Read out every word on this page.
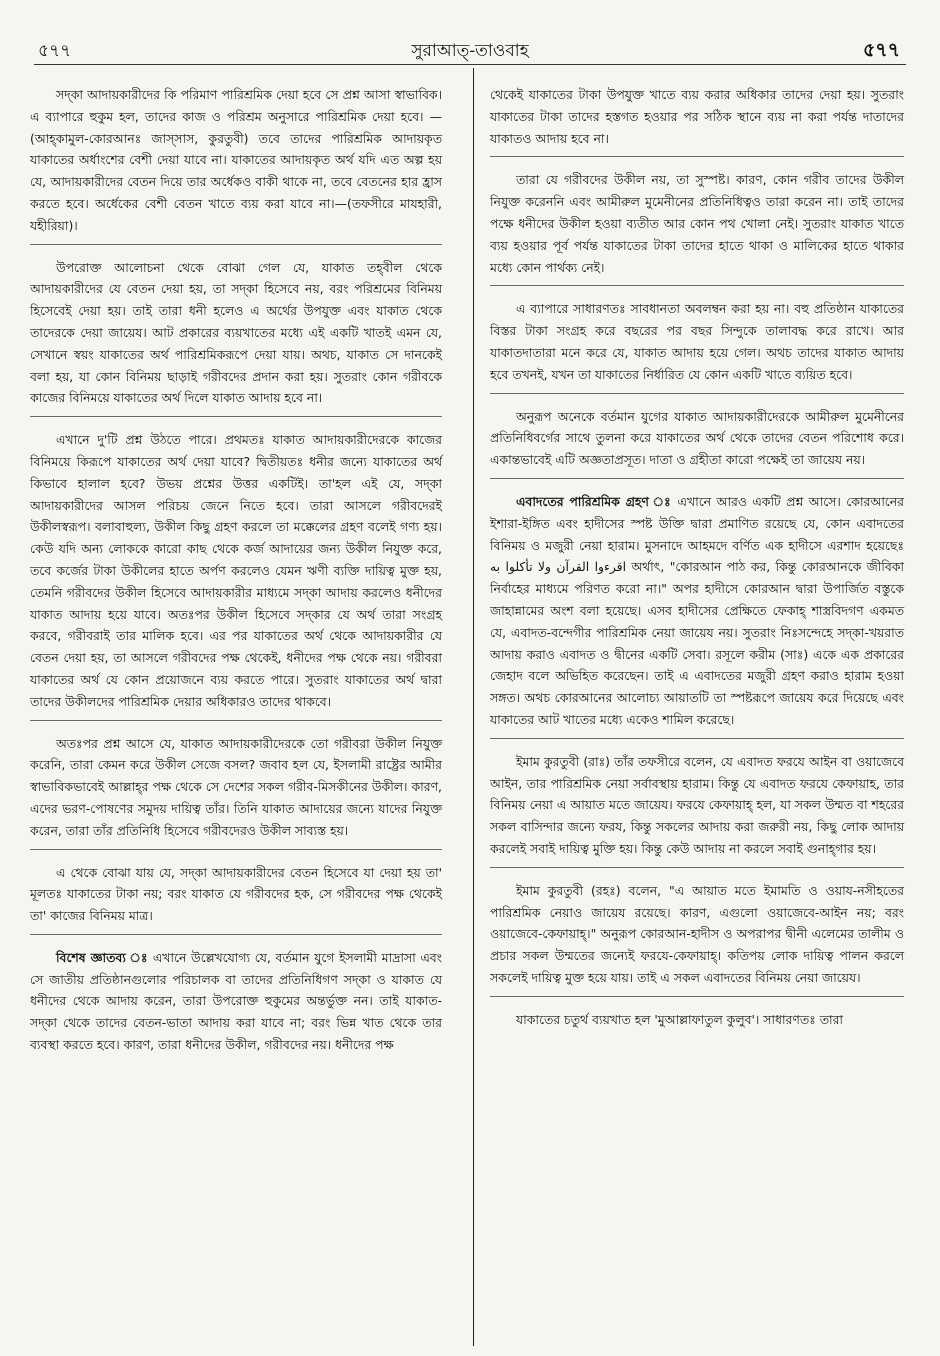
৫৭৭	সুরাআত্‌-তাওবাহ	৫৭৭

সদ্‌কা আদায়কারীদের কি পরিমাণ পারিশ্রমিক দেয়া হবে সে প্রশ্ন আসা স্বাভাবিক। এ ব্যাপারে হুকুম হল, তাদের কাজ ও পরিশ্রম অনুসারে পারিশ্রমিক দেয়া হবে। —(আহ্‌কামুল-কোরআনঃ জাস্‌সাস, কুরতুবী) তবে তাদের পারিশ্রমিক আদায়কৃত যাকাতের অর্ধাংশের বেশী দেয়া যাবে না। যাকাতের আদায়কৃত অর্থ যদি এত অল্প হয় যে, আদায়কারীদের বেতন দিয়ে তার অর্ধেকও বাকী থাকে না, তবে বেতনের হার হ্রাস করতে হবে। অর্ধেকের বেশী বেতন খাতে ব্যয় করা যাবে না।—(তফসীরে মাযহারী, যহীরিয়া)।

উপরোক্ত আলোচনা থেকে বোঝা গেল যে, যাকাত তহ্‌বীল থেকে আদায়কারীদের যে বেতন দেয়া হয়, তা সদ্‌কা হিসেবে নয়, বরং পরিশ্রমের বিনিময় হিসেবেই দেয়া হয়। তাই তারা ধনী হলেও এ অর্থের উপযুক্ত এবং যাকাত থেকে তাদেরকে দেয়া জায়েয। আট প্রকারের ব্যয়খাতের মধ্যে এই একটি খাতই এমন যে, সেখানে স্বয়ং যাকাতের অর্থ পারিশ্রমিকরূপে দেয়া যায়। অথচ, যাকাত সে দানকেই বলা হয়, যা কোন বিনিময় ছাড়াই গরীবদের প্রদান করা হয়। সুতরাং কোন গরীবকে কাজের বিনিময়ে যাকাতের অর্থ দিলে যাকাত আদায় হবে না।

এখানে দু'টি প্রশ্ন উঠতে পারে। প্রথমতঃ যাকাত আদায়কারীদেরকে কাজের বিনিময়ে কিরূপে যাকাতের অর্থ দেয়া যাবে? দ্বিতীয়তঃ ধনীর জন্যে যাকাতের অর্থ কিভাবে হালাল হবে? উভয় প্রশ্নের উত্তর একটিই। তা'হল এই যে, সদ্‌কা আদায়কারীদের আসল পরিচয় জেনে নিতে হবে। তারা আসলে গরীবদেরই উকীলস্বরূপ। বলাবাহুল্য, উকীল কিছু গ্রহণ করলে তা মক্কেলের গ্রহণ বলেই গণ্য হয়। কেউ যদি অন্য লোককে কারো কাছ থেকে কর্জ আদায়ের জন্য উকীল নিযুক্ত করে, তবে কর্জের টাকা উকীলের হাতে অর্পণ করলেও যেমন ঋণী ব্যক্তি দায়িত্ব মুক্ত হয়, তেমনি গরীবদের উকীল হিসেবে আদায়কারীর মাধ্যমে সদ্‌কা আদায় করলেও ধনীদের যাকাত আদায় হয়ে যাবে। অতঃপর উকীল হিসেবে সদ্‌কার যে অর্থ তারা সংগ্রহ করবে, গরীবরাই তার মালিক হবে। এর পর যাকাতের অর্থ থেকে আদায়কারীর যে বেতন দেয়া হয়, তা আসলে গরীবদের পক্ষ থেকেই, ধনীদের পক্ষ থেকে নয়। গরীবরা যাকাতের অর্থ যে কোন প্রয়োজনে ব্যয় করতে পারে। সুতরাং যাকাতের অর্থ দ্বারা তাদের উকীলদের পারিশ্রমিক দেয়ার অধিকারও তাদের থাকবে।

অতঃপর প্রশ্ন আসে যে, যাকাত আদায়কারীদেরকে তো গরীবরা উকীল নিযুক্ত করেনি, তারা কেমন করে উকীল সেজে বসল? জবাব হল যে, ইসলামী রাষ্ট্রের আমীর স্বাভাবিকভাবেই আল্লাহ্‌র পক্ষ থেকে সে দেশের সকল গরীব-মিসকীনের উকীল। কারণ, এদের ভরণ-পোষণের সমুদয় দায়িত্ব তাঁর। তিনি যাকাত আদায়ের জন্যে যাদের নিযুক্ত করেন, তারা তাঁর প্রতিনিধি হিসেবে গরীবদেরও উকীল সাব্যস্ত হয়।

এ থেকে বোঝা যায় যে, সদ্‌কা আদায়কারীদের বেতন হিসেবে যা দেয়া হয় তা' মূলতঃ যাকাতের টাকা নয়; বরং যাকাত যে গরীবদের হক, সে গরীবদের পক্ষ থেকেই তা' কাজের বিনিময় মাত্র।

বিশেষ জ্ঞাতব্য ঃ এখানে উল্লেখযোগ্য যে, বর্তমান যুগে ইসলামী মাদ্রাসা এবং সে জাতীয় প্রতিষ্ঠানগুলোর পরিচালক বা তাদের প্রতিনিধিগণ সদ্‌কা ও যাকাত যে ধনীদের থেকে আদায় করেন, তারা উপরোক্ত হুকুমের অন্তর্ভুক্ত নন। তাই যাকাত-সদ্‌কা থেকে তাদের বেতন-ভাতা আদায় করা যাবে না; বরং ভিন্ন খাত থেকে তার ব্যবস্থা করতে হবে। কারণ, তারা ধনীদের উকীল, গরীবদের নয়। ধনীদের পক্ষ

থেকেই যাকাতের টাকা উপযুক্ত খাতে ব্যয় করার অধিকার তাদের দেয়া হয়। সুতরাং যাকাতের টাকা তাদের হস্তগত হওয়ার পর সঠিক স্থানে ব্যয় না করা পর্যন্ত দাতাদের যাকাতও আদায় হবে না।

তারা যে গরীবদের উকীল নয়, তা সুস্পষ্ট। কারণ, কোন গরীব তাদের উকীল নিযুক্ত করেননি এবং আমীরুল মুমেনীনের প্রতিনিধিত্বও তারা করেন না। তাই তাদের পক্ষে ধনীদের উকীল হওয়া ব্যতীত আর কোন পথ খোলা নেই। সুতরাং যাকাত খাতে ব্যয় হওয়ার পূর্ব পর্যন্ত যাকাতের টাকা তাদের হাতে থাকা ও মালিকের হাতে থাকার মধ্যে কোন পার্থক্য নেই।

এ ব্যাপারে সাধারণতঃ সাবধানতা অবলম্বন করা হয় না। বহু প্রতিষ্ঠান যাকাতের বিস্তর টাকা সংগ্রহ করে বছরের পর বছর সিন্দুকে তালাবদ্ধ করে রাখে। আর যাকাতদাতারা মনে করে যে, যাকাত আদায় হয়ে গেল। অথচ তাদের যাকাত আদায় হবে তখনই, যখন তা যাকাতের নির্ধারিত যে কোন একটি খাতে ব্যয়িত হবে।

অনুরূপ অনেকে বর্তমান যুগের যাকাত আদায়কারীদেরকে আমীরুল মুমেনীনের প্রতিনিধিবর্গের সাথে তুলনা করে যাকাতের অর্থ থেকে তাদের বেতন পরিশোধ করে। একান্তভাবেই এটি অজ্ঞতাপ্রসূত। দাতা ও গ্রহীতা কারো পক্ষেই তা জায়েয নয়।

এবাদতের পারিশ্রমিক গ্রহণ ঃ এখানে আরও একটি প্রশ্ন আসে। কোরআনের ইশারা-ইঙ্গিত এবং হাদীসের স্পষ্ট উক্তি দ্বারা প্রমাণিত রয়েছে যে, কোন এবাদতের বিনিময় ও মজুরী নেয়া হারাম। মুসনাদে আহমদে বর্ণিত এক হাদীসে এরশাদ হয়েছেঃ اقرءوا القرآن ولا تأكلوا به অর্থাৎ, "কোরআন পাঠ কর, কিন্তু কোরআনকে জীবিকা নির্বাহের মাধ্যমে পরিণত করো না।" অপর হাদীসে কোরআন দ্বারা উপার্জিত বস্তুকে জাহান্নামের অংশ বলা হয়েছে। এসব হাদীসের প্রেক্ষিতে ফেকাহ্‌ শাস্ত্রবিদগণ একমত যে, এবাদত-বন্দেগীর পারিশ্রমিক নেয়া জায়েয নয়। সুতরাং নিঃসন্দেহে সদ্‌কা-খয়রাত আদায় করাও এবাদত ও দ্বীনের একটি সেবা। রসূলে করীম (সাঃ) একে এক প্রকারের জেহাদ বলে অভিহিত করেছেন। তাই এ এবাদতের মজুরী গ্রহণ করাও হারাম হওয়া সঙ্গত। অথচ কোরআনের আলোচ্য আয়াতটি তা স্পষ্টরূপে জায়েয করে দিয়েছে এবং যাকাতের আট খাতের মধ্যে একেও শামিল করেছে।

ইমাম কুরতুবী (রাঃ) তাঁর তফসীরে বলেন, যে এবাদত ফরযে আইন বা ওয়াজেবে আইন, তার পারিশ্রমিক নেয়া সর্বাবস্থায় হারাম। কিন্তু যে এবাদত ফরযে কেফায়াহ, তার বিনিময় নেয়া এ আয়াত মতে জায়েয। ফরযে কেফায়াহ্‌ হল, যা সকল উম্মত বা শহরের সকল বাসিন্দার জন্যে ফরয, কিন্তু সকলের আদায় করা জরুরী নয়, কিছু লোক আদায় করলেই সবাই দায়িত্ব মুক্তি হয়। কিন্তু কেউ আদায় না করলে সবাই গুনাহ্‌গার হয়।

ইমাম কুরতুবী (রহঃ) বলেন, "এ আয়াত মতে ইমামতি ও ওয়ায-নসীহতের পারিশ্রমিক নেয়াও জায়েয রয়েছে। কারণ, এগুলো ওয়াজেবে-আইন নয়; বরং ওয়াজেবে-কেফায়াহ্‌।" অনুরূপ কোরআন-হাদীস ও অপরাপর দ্বীনী এলেমের তালীম ও প্রচার সকল উম্মতের জন্যেই ফরযে-কেফায়াহ্‌। কতিপয় লোক দায়িত্ব পালন করলে সকলেই দায়িত্ব মুক্ত হয়ে যায়। তাই এ সকল এবাদতের বিনিময় নেয়া জায়েয।

যাকাতের চতুর্থ ব্যয়খাত হল 'মুআল্লাফাতুল কুলুব'। সাধারণতঃ তারা
